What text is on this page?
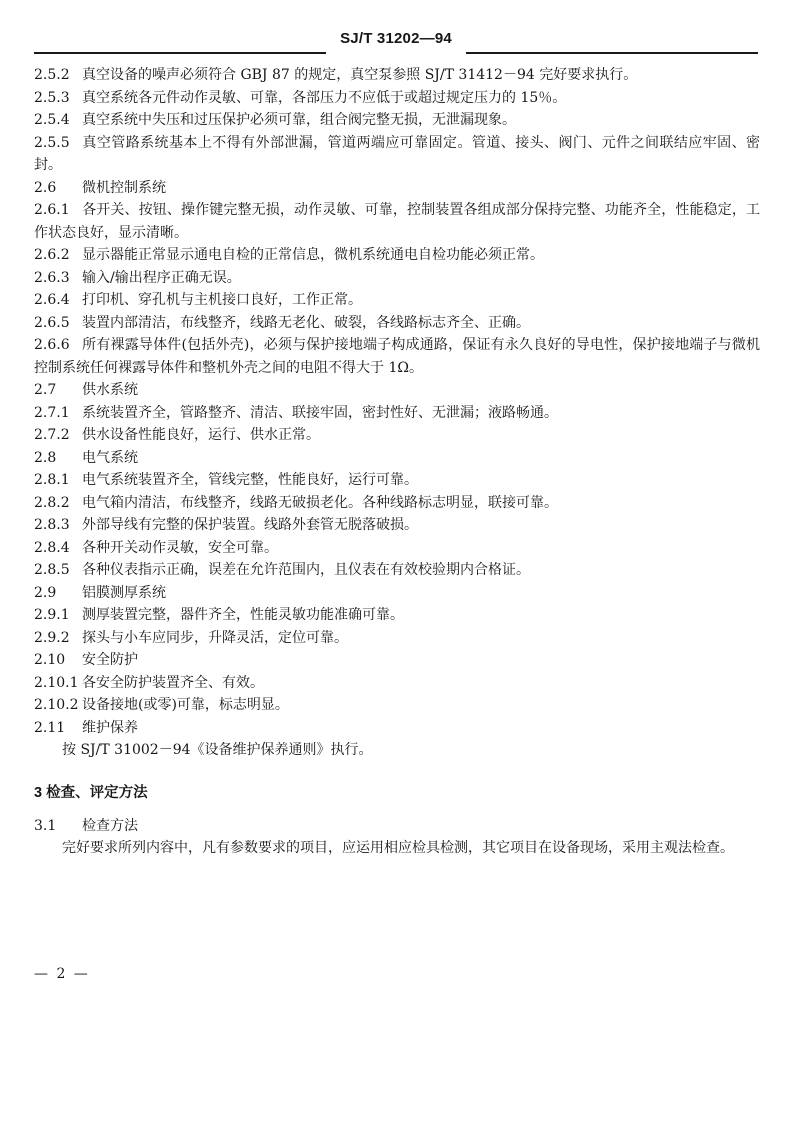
SJ/T 31202—94
2.5.2 真空设备的噪声必须符合 GBJ 87 的规定，真空泵参照 SJ/T 31412－94 完好要求执行。
2.5.3 真空系统各元件动作灵敏、可靠，各部压力不应低于或超过规定压力的 15％。
2.5.4 真空系统中失压和过压保护必须可靠，组合阀完整无损，无泄漏现象。
2.5.5 真空管路系统基本上不得有外部泄漏，管道两端应可靠固定。管道、接头、阀门、元件之间联结应牢固、密封。
2.6 微机控制系统
2.6.1 各开关、按钮、操作键完整无损，动作灵敏、可靠，控制装置各组成部分保持完整、功能齐全，性能稳定，工作状态良好，显示清晰。
2.6.2 显示器能正常显示通电自检的正常信息，微机系统通电自检功能必须正常。
2.6.3 输入/输出程序正确无误。
2.6.4 打印机、穿孔机与主机接口良好，工作正常。
2.6.5 装置内部清洁，布线整齐，线路无老化、破裂，各线路标志齐全、正确。
2.6.6 所有裸露导体件(包括外壳)，必须与保护接地端子构成通路，保证有永久良好的导电性，保护接地端子与微机控制系统任何裸露导体件和整机外壳之间的电阻不得大于 1Ω。
2.7 供水系统
2.7.1 系统装置齐全，管路整齐、清洁、联接牢固，密封性好、无泄漏；液路畅通。
2.7.2 供水设备性能良好，运行、供水正常。
2.8 电气系统
2.8.1 电气系统装置齐全，管线完整，性能良好，运行可靠。
2.8.2 电气箱内清洁，布线整齐，线路无破损老化。各种线路标志明显，联接可靠。
2.8.3 外部导线有完整的保护装置。线路外套管无脱落破损。
2.8.4 各种开关动作灵敏，安全可靠。
2.8.5 各种仪表指示正确，误差在允许范围内，且仪表在有效校验期内合格证。
2.9 铝膜测厚系统
2.9.1 测厚装置完整，器件齐全，性能灵敏功能准确可靠。
2.9.2 探头与小车应同步，升降灵活，定位可靠。
2.10 安全防护
2.10.1 各安全防护装置齐全、有效。
2.10.2 设备接地(或零)可靠，标志明显。
2.11 维护保养
按 SJ/T 31002－94《设备维护保养通则》执行。
3 检查、评定方法
3.1 检查方法
完好要求所列内容中，凡有参数要求的项目，应运用相应检具检测，其它项目在设备现场，采用主观法检查。
— 2 —
